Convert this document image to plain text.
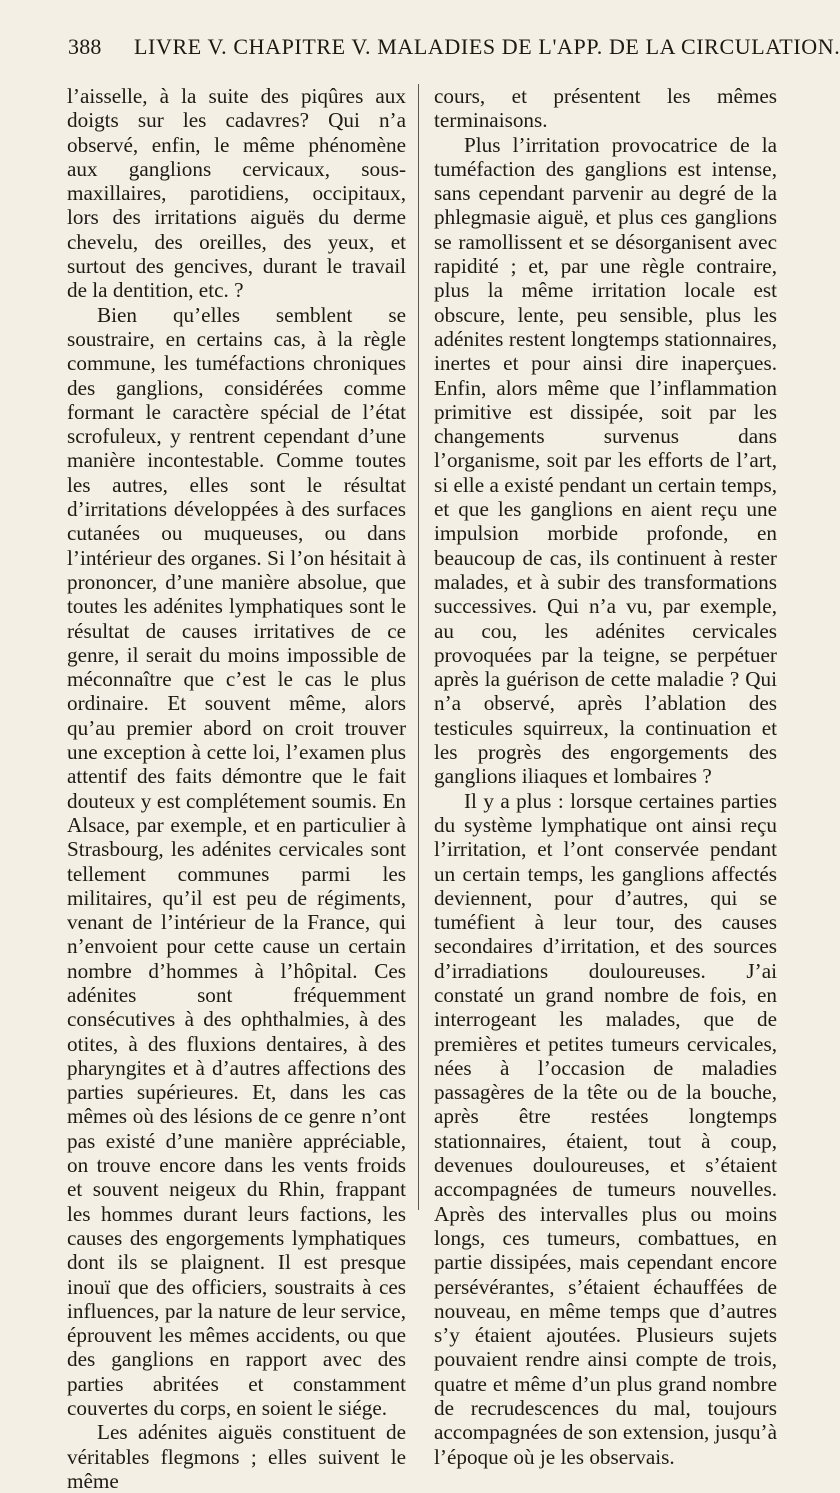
388	LIVRE V. CHAPITRE V. MALADIES DE L'APP. DE LA CIRCULATION.

l’aisselle, à la suite des piqûres aux doigts sur les cadavres? Qui n’a observé, enfin, le même phénomène aux ganglions cervicaux, sous-maxillaires, parotidiens, occipitaux, lors des irritations aiguës du derme chevelu, des oreilles, des yeux, et surtout des gencives, durant le travail de la dentition, etc. ?

Bien qu’elles semblent se soustraire, en certains cas, à la règle commune, les tuméfactions chroniques des ganglions, considérées comme formant le caractère spécial de l’état scrofuleux, y rentrent cependant d’une manière incontestable. Comme toutes les autres, elles sont le résultat d’irritations développées à des surfaces cutanées ou muqueuses, ou dans l’intérieur des organes. Si l’on hésitait à prononcer, d’une manière absolue, que toutes les adénites lymphatiques sont le résultat de causes irritatives de ce genre, il serait du moins impossible de méconnaître que c’est le cas le plus ordinaire. Et souvent même, alors qu’au premier abord on croit trouver une exception à cette loi, l’examen plus attentif des faits démontre que le fait douteux y est complétement soumis. En Alsace, par exemple, et en particulier à Strasbourg, les adénites cervicales sont tellement communes parmi les militaires, qu’il est peu de régiments, venant de l’intérieur de la France, qui n’envoient pour cette cause un certain nombre d’hommes à l’hôpital. Ces adénites sont fréquemment consécutives à des ophthalmies, à des otites, à des fluxions dentaires, à des pharyngites et à d’autres affections des parties supérieures. Et, dans les cas mêmes où des lésions de ce genre n’ont pas existé d’une manière appréciable, on trouve encore dans les vents froids et souvent neigeux du Rhin, frappant les hommes durant leurs factions, les causes des engorgements lymphatiques dont ils se plaignent. Il est presque inouï que des officiers, soustraits à ces influences, par la nature de leur service, éprouvent les mêmes accidents, ou que des ganglions en rapport avec des parties abritées et constamment couvertes du corps, en soient le siége.

Les adénites aiguës constituent de véritables flegmons ; elles suivent le même

cours, et présentent les mêmes terminaisons.

Plus l’irritation provocatrice de la tuméfaction des ganglions est intense, sans cependant parvenir au degré de la phlegmasie aiguë, et plus ces ganglions se ramollissent et se désorganisent avec rapidité ; et, par une règle contraire, plus la même irritation locale est obscure, lente, peu sensible, plus les adénites restent longtemps stationnaires, inertes et pour ainsi dire inaperçues. Enfin, alors même que l’inflammation primitive est dissipée, soit par les changements survenus dans l’organisme, soit par les efforts de l’art, si elle a existé pendant un certain temps, et que les ganglions en aient reçu une impulsion morbide profonde, en beaucoup de cas, ils continuent à rester malades, et à subir des transformations successives. Qui n’a vu, par exemple, au cou, les adénites cervicales provoquées par la teigne, se perpétuer après la guérison de cette maladie ? Qui n’a observé, après l’ablation des testicules squirreux, la continuation et les progrès des engorgements des ganglions iliaques et lombaires ?

Il y a plus : lorsque certaines parties du système lymphatique ont ainsi reçu l’irritation, et l’ont conservée pendant un certain temps, les ganglions affectés deviennent, pour d’autres, qui se tuméfient à leur tour, des causes secondaires d’irritation, et des sources d’irradiations douloureuses. J’ai constaté un grand nombre de fois, en interrogeant les malades, que de premières et petites tumeurs cervicales, nées à l’occasion de maladies passagères de la tête ou de la bouche, après être restées longtemps stationnaires, étaient, tout à coup, devenues douloureuses, et s’étaient accompagnées de tumeurs nouvelles. Après des intervalles plus ou moins longs, ces tumeurs, combattues, en partie dissipées, mais cependant encore persévérantes, s’étaient échauffées de nouveau, en même temps que d’autres s’y étaient ajoutées. Plusieurs sujets pouvaient rendre ainsi compte de trois, quatre et même d’un plus grand nombre de recrudescences du mal, toujours accompagnées de son extension, jusqu’à l’époque où je les observais.
